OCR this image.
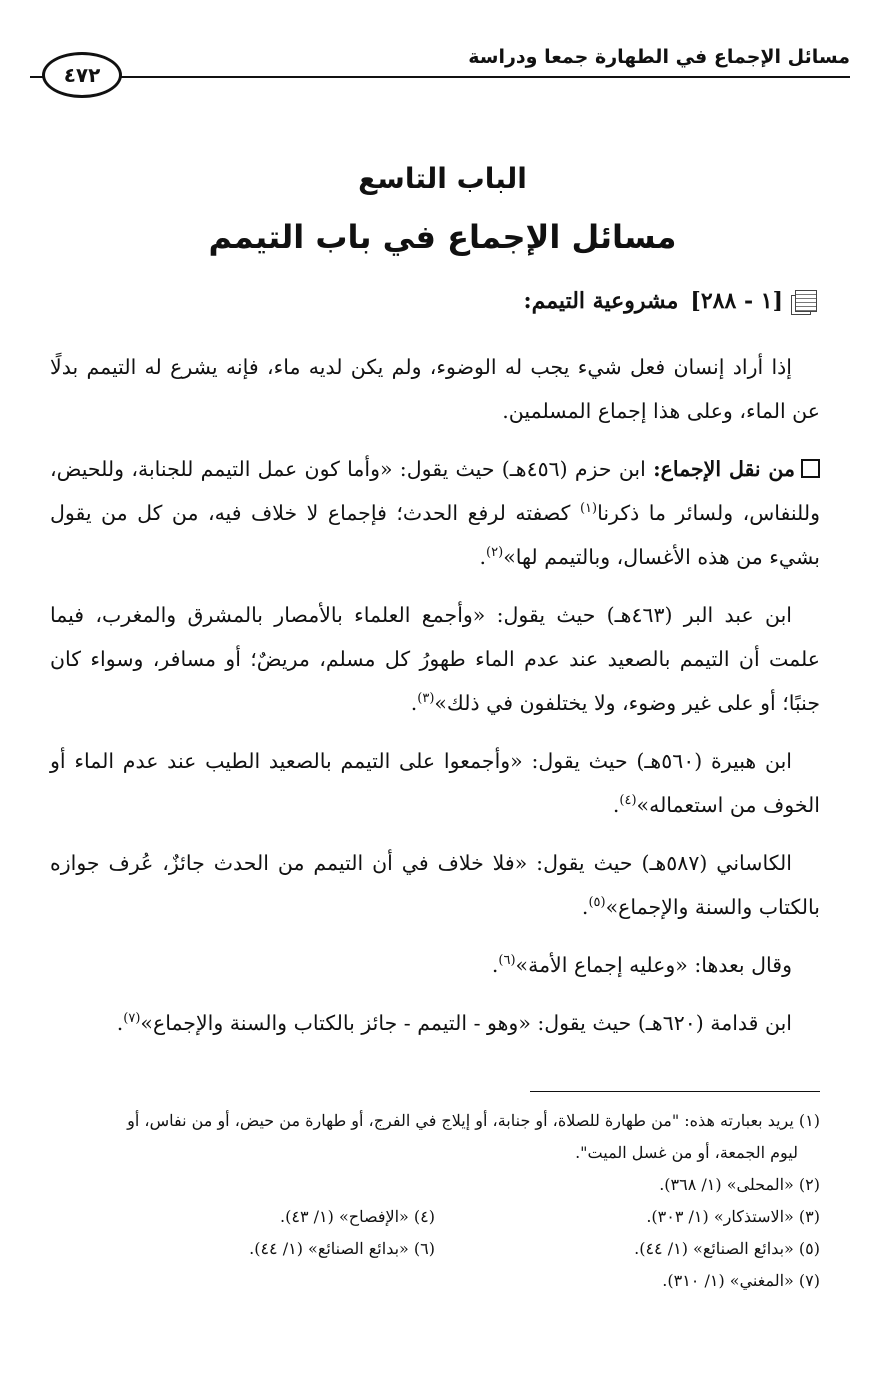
مسائل الإجماع في الطهارة جمعا ودراسة
٤٧٢
الباب التاسع
مسائل الإجماع في باب التيمم
[١ - ٢٨٨]
مشروعية التيمم:

إذا أراد إنسان فعل شيء يجب له الوضوء، ولم يكن لديه ماء، فإنه يشرع له التيمم بدلًا عن الماء، وعلى هذا إجماع المسلمين.

من نقل الإجماع: ابن حزم (٤٥٦هـ) حيث يقول: «وأما كون عمل التيمم للجنابة، وللحيض، وللنفاس، ولسائر ما ذكرنا$^{(١)}$ كصفته لرفع الحدث؛ فإجماع لا خلاف فيه، من كل من يقول بشيء من هذه الأغسال، وبالتيمم لها»$^{(٢)}$.

ابن عبد البر (٤٦٣هـ) حيث يقول: «وأجمع العلماء بالأمصار بالمشرق والمغرب، فيما علمت أن التيمم بالصعيد عند عدم الماء طهورُ كل مسلم، مريضٌ؛ أو مسافر، وسواء كان جنبًا؛ أو على غير وضوء، ولا يختلفون في ذلك»$^{(٣)}$.

ابن هبيرة (٥٦٠هـ) حيث يقول: «وأجمعوا على التيمم بالصعيد الطيب عند عدم الماء أو الخوف من استعماله»$^{(٤)}$.

الكاساني (٥٨٧هـ) حيث يقول: «فلا خلاف في أن التيمم من الحدث جائزٌ، عُرف جوازه بالكتاب والسنة والإجماع»$^{(٥)}$.

وقال بعدها: «وعليه إجماع الأمة»$^{(٦)}$.

ابن قدامة (٦٢٠هـ) حيث يقول: «وهو - التيمم - جائز بالكتاب والسنة والإجماع»$^{(٧)}$.

(١) يريد بعبارته هذه: "من طهارة للصلاة، أو جنابة، أو إيلاج في الفرج، أو طهارة من حيض، أو من نفاس، أو

ليوم الجمعة، أو من غسل الميت".

(٢) «المحلى» (١/ ٣٦٨).

(٣) «الاستذكار» (١/ ٣٠٣).

(٤) «الإفصاح» (١/ ٤٣).

(٥) «بدائع الصنائع» (١/ ٤٤).

(٦) «بدائع الصنائع» (١/ ٤٤).

(٧) «المغني» (١/ ٣١٠).
